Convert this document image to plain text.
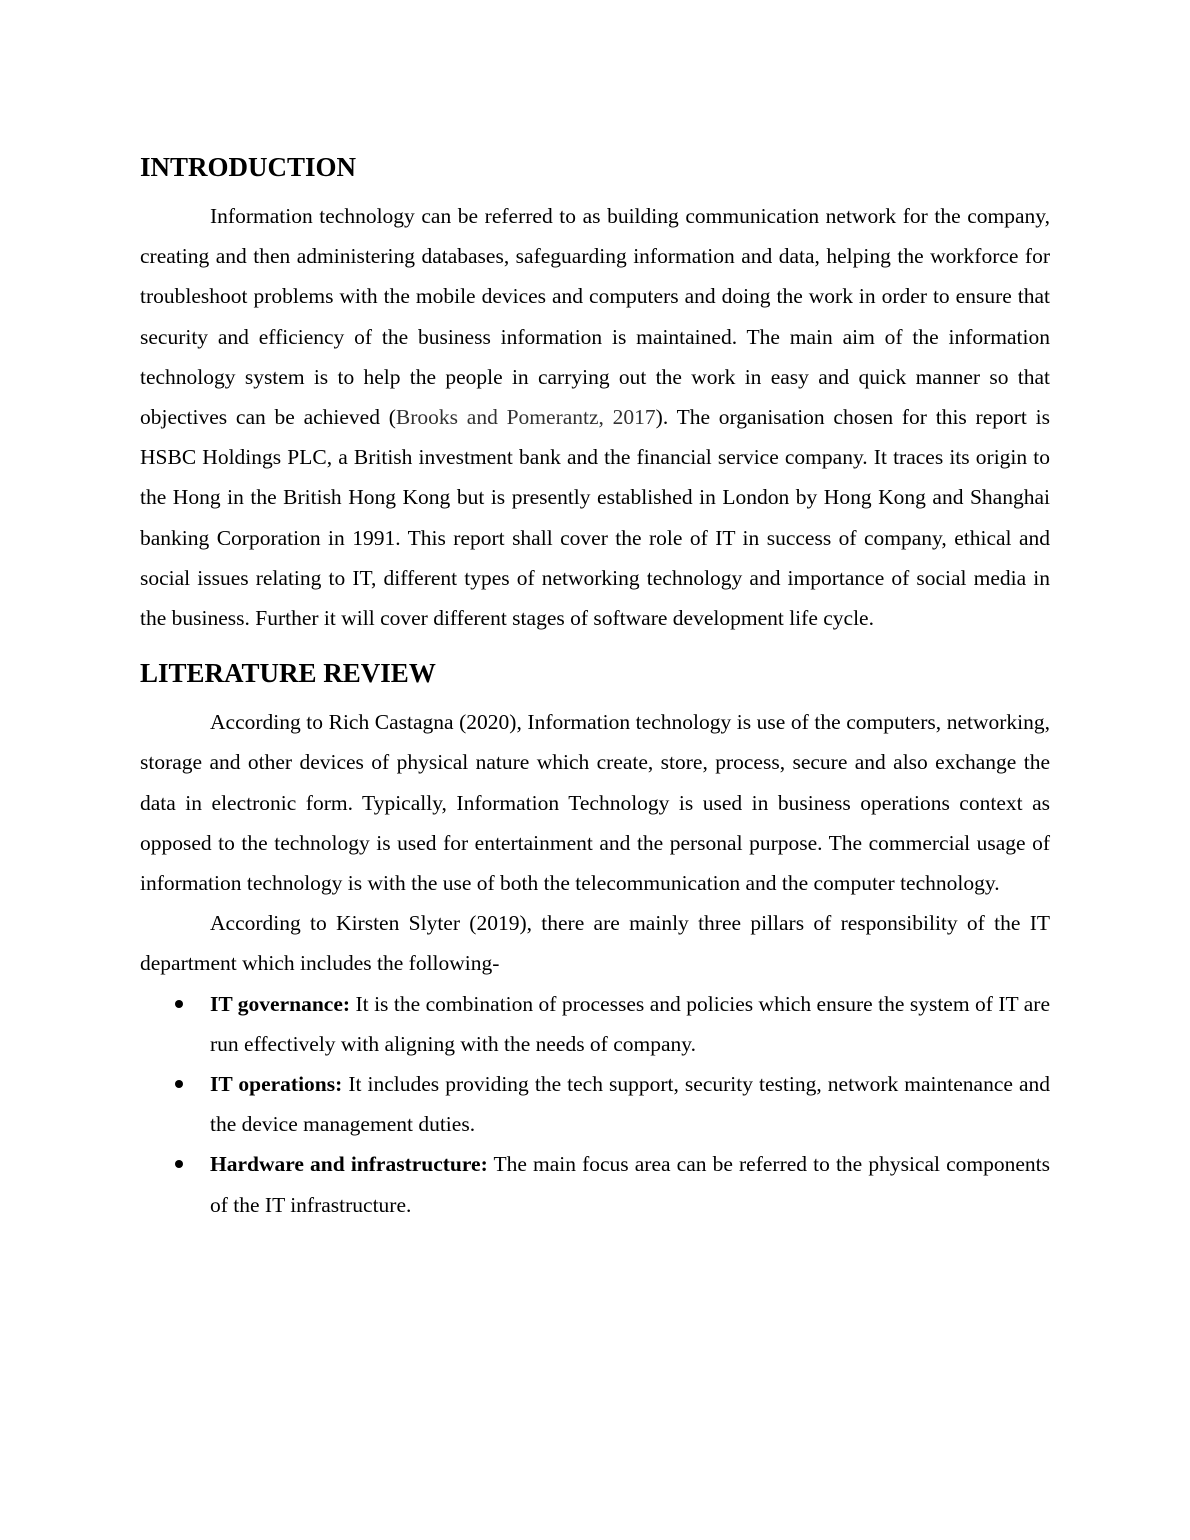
INTRODUCTION

Information technology can be referred to as building communication network for the company, creating and then administering databases, safeguarding information and data, helping the workforce for troubleshoot problems with the mobile devices and computers and doing the work in order to ensure that security and efficiency of the business information is maintained. The main aim of the information technology system is to help the people in carrying out the work in easy and quick manner so that objectives can be achieved (Brooks and Pomerantz, 2017). The organisation chosen for this report is HSBC Holdings PLC, a British investment bank and the financial service company. It traces its origin to the Hong in the British Hong Kong but is presently established in London by Hong Kong and Shanghai banking Corporation in 1991. This report shall cover the role of IT in success of company, ethical and social issues relating to IT, different types of networking technology and importance of social media in the business. Further it will cover different stages of software development life cycle.

LITERATURE REVIEW

According to Rich Castagna (2020), Information technology is use of the computers, networking, storage and other devices of physical nature which create, store, process, secure and also exchange the data in electronic form. Typically, Information Technology is used in business operations context as opposed to the technology is used for entertainment and the personal purpose. The commercial usage of information technology is with the use of both the telecommunication and the computer technology.

According to Kirsten Slyter (2019), there are mainly three pillars of responsibility of the IT department which includes the following-

IT governance: It is the combination of processes and policies which ensure the system of IT are run effectively with aligning with the needs of company.
IT operations: It includes providing the tech support, security testing, network maintenance and the device management duties.
Hardware and infrastructure: The main focus area can be referred to the physical components of the IT infrastructure.
